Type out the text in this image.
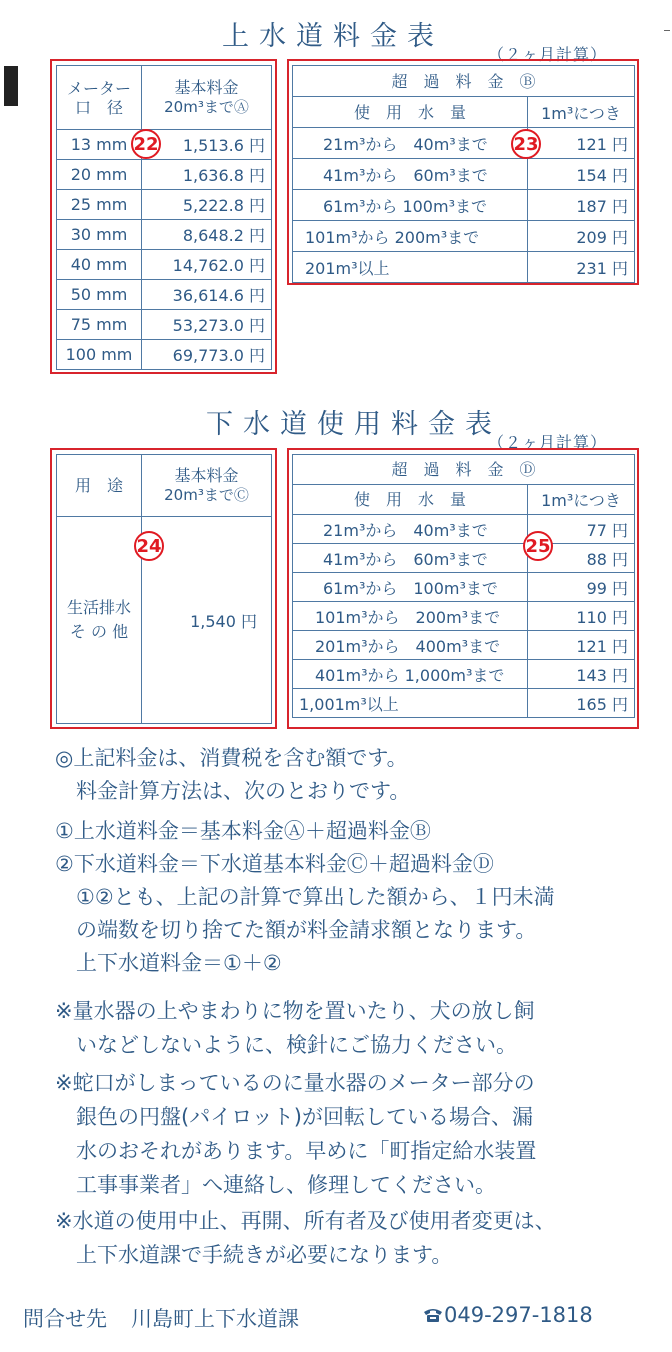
上水道料金表
（２ヶ月計算）
メーター
口　径	基本料金
20m³までⒶ
13 mm	1,513.6 円
20 mm	1,636.8 円
25 mm	5,222.8 円
30 mm	8,648.2 円
40 mm	14,762.0 円
50 mm	36,614.6 円
75 mm	53,273.0 円
100 mm	69,773.0 円
超　過　料　金　Ⓑ	
使　用　水　量	1m³につき
21m³から　40m³まで	121 円
41m³から　60m³まで	154 円
61m³から 100m³まで	187 円
101m³から 200m³まで	209 円
201m³以上	231 円
22	23
下水道使用料金表
（２ヶ月計算）
用　途	基本料金
20m³までⒸ
生活排水
そ の 他	1,540 円
超　過　料　金　Ⓓ	
使　用　水　量	1m³につき
21m³から　40m³まで	77 円
41m³から　60m³まで	88 円
61m³から　100m³まで	99 円
101m³から　200m³まで	110 円
201m³から　400m³まで	121 円
401m³から 1,000m³まで	143 円
1,001m³以上	165 円
24	25
◎上記料金は、消費税を含む額です。
　料金計算方法は、次のとおりです。
①上水道料金＝基本料金Ⓐ＋超過料金Ⓑ
②下水道料金＝下水道基本料金Ⓒ＋超過料金Ⓓ
　①②とも、上記の計算で算出した額から、１円未満
　の端数を切り捨てた額が料金請求額となります。
　上下水道料金＝①＋②
※量水器の上やまわりに物を置いたり、犬の放し飼
　いなどしないように、検針にご協力ください。
※蛇口がしまっているのに量水器のメーター部分の
　銀色の円盤(パイロット)が回転している場合、漏
　水のおそれがあります。早めに「町指定給水装置
　工事事業者」へ連絡し、修理してください。
※水道の使用中止、再開、所有者及び使用者変更は、
　上下水道課で手続きが必要になります。
問合せ先 川島町上下水道課	049-297-1818
